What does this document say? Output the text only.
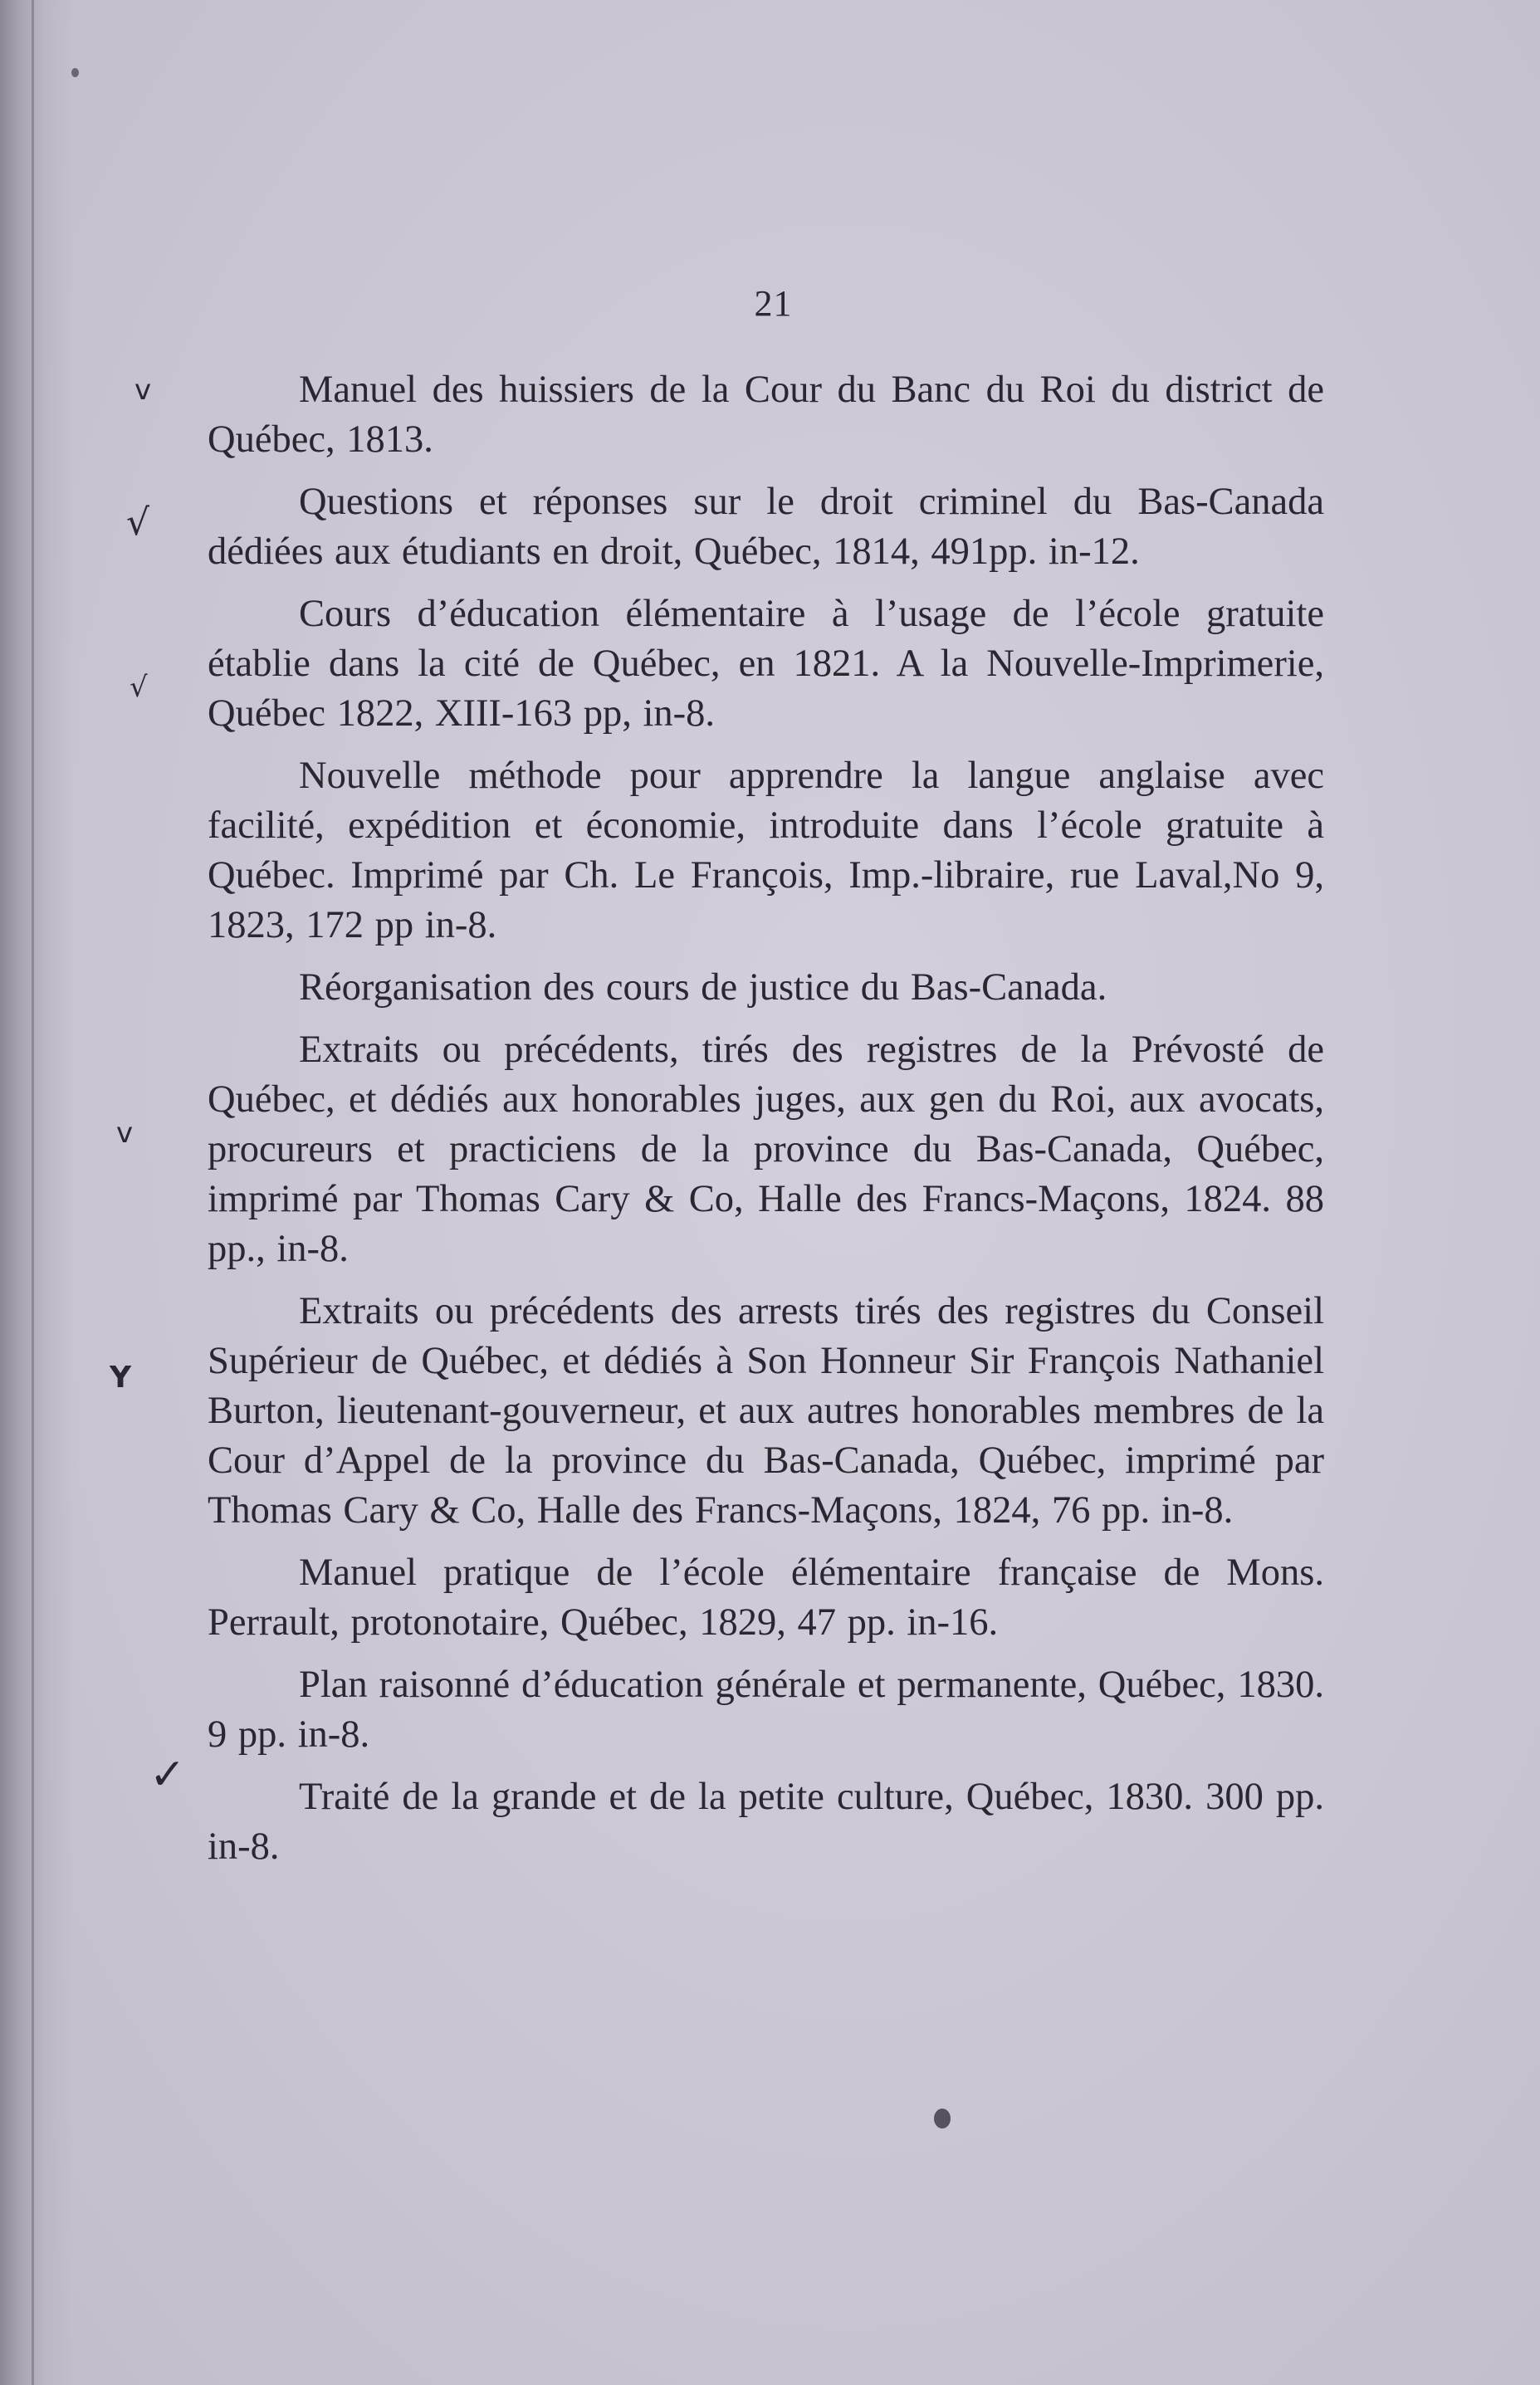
21
v
√
√
v
Y
✓

Manuel des huissiers de la Cour du Banc du Roi du district de Québec, 1813.

Questions et réponses sur le droit criminel du Bas-Canada dédiées aux étudiants en droit, Québec, 1814, 491pp. in-12.

Cours d’éducation élémentaire à l’usage de l’école gratuite établie dans la cité de Québec, en 1821. A la Nouvelle-Imprimerie, Québec 1822, XIII-163 pp, in-8.

Nouvelle méthode pour apprendre la langue anglaise avec facilité, expédition et économie, introduite dans l’école gratuite à Québec. Imprimé par Ch. Le François, Imp.-libraire, rue Laval,No 9, 1823, 172 pp in-8.

Réorganisation des cours de justice du Bas-Canada.

Extraits ou précédents, tirés des registres de la Prévosté de Québec, et dédiés aux honorables juges, aux gen du Roi, aux avocats, procureurs et practiciens de la province du Bas-Canada, Québec, imprimé par Thomas Cary & Co, Halle des Francs-Maçons, 1824. 88 pp., in-8.

Extraits ou précédents des arrests tirés des registres du Conseil Supérieur de Québec, et dédiés à Son Honneur Sir François Nathaniel Burton, lieutenant-gouverneur, et aux autres honorables membres de la Cour d’Appel de la province du Bas-Canada, Québec, imprimé par Thomas Cary & Co, Halle des Francs-Maçons, 1824, 76 pp. in-8.

Manuel pratique de l’école élémentaire française de Mons. Perrault, protonotaire, Québec, 1829, 47 pp. in-16.

Plan raisonné d’éducation générale et permanente, Québec, 1830. 9 pp. in-8.

Traité de la grande et de la petite culture, Québec, 1830. 300 pp. in-8.
